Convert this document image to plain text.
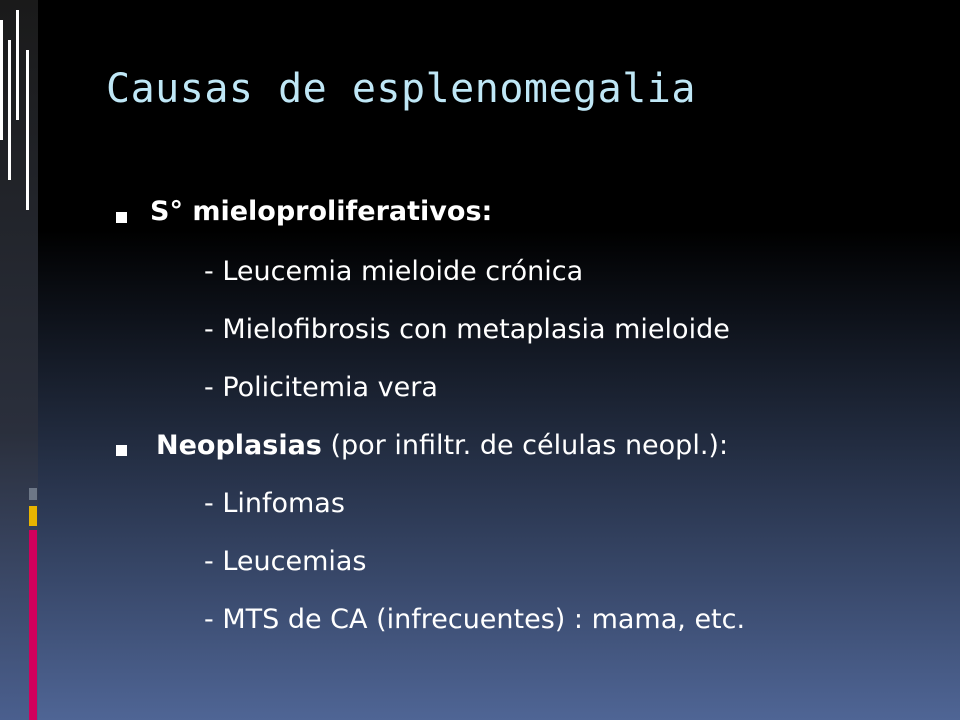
Causas de esplenomegalia
S° mieloproliferativos:
- Leucemia mieloide crónica
- Mielofibrosis con metaplasia mieloide
- Policitemia vera
Neoplasias (por infiltr. de células neopl.):
- Linfomas
- Leucemias
- MTS de CA (infrecuentes) : mama, etc.
